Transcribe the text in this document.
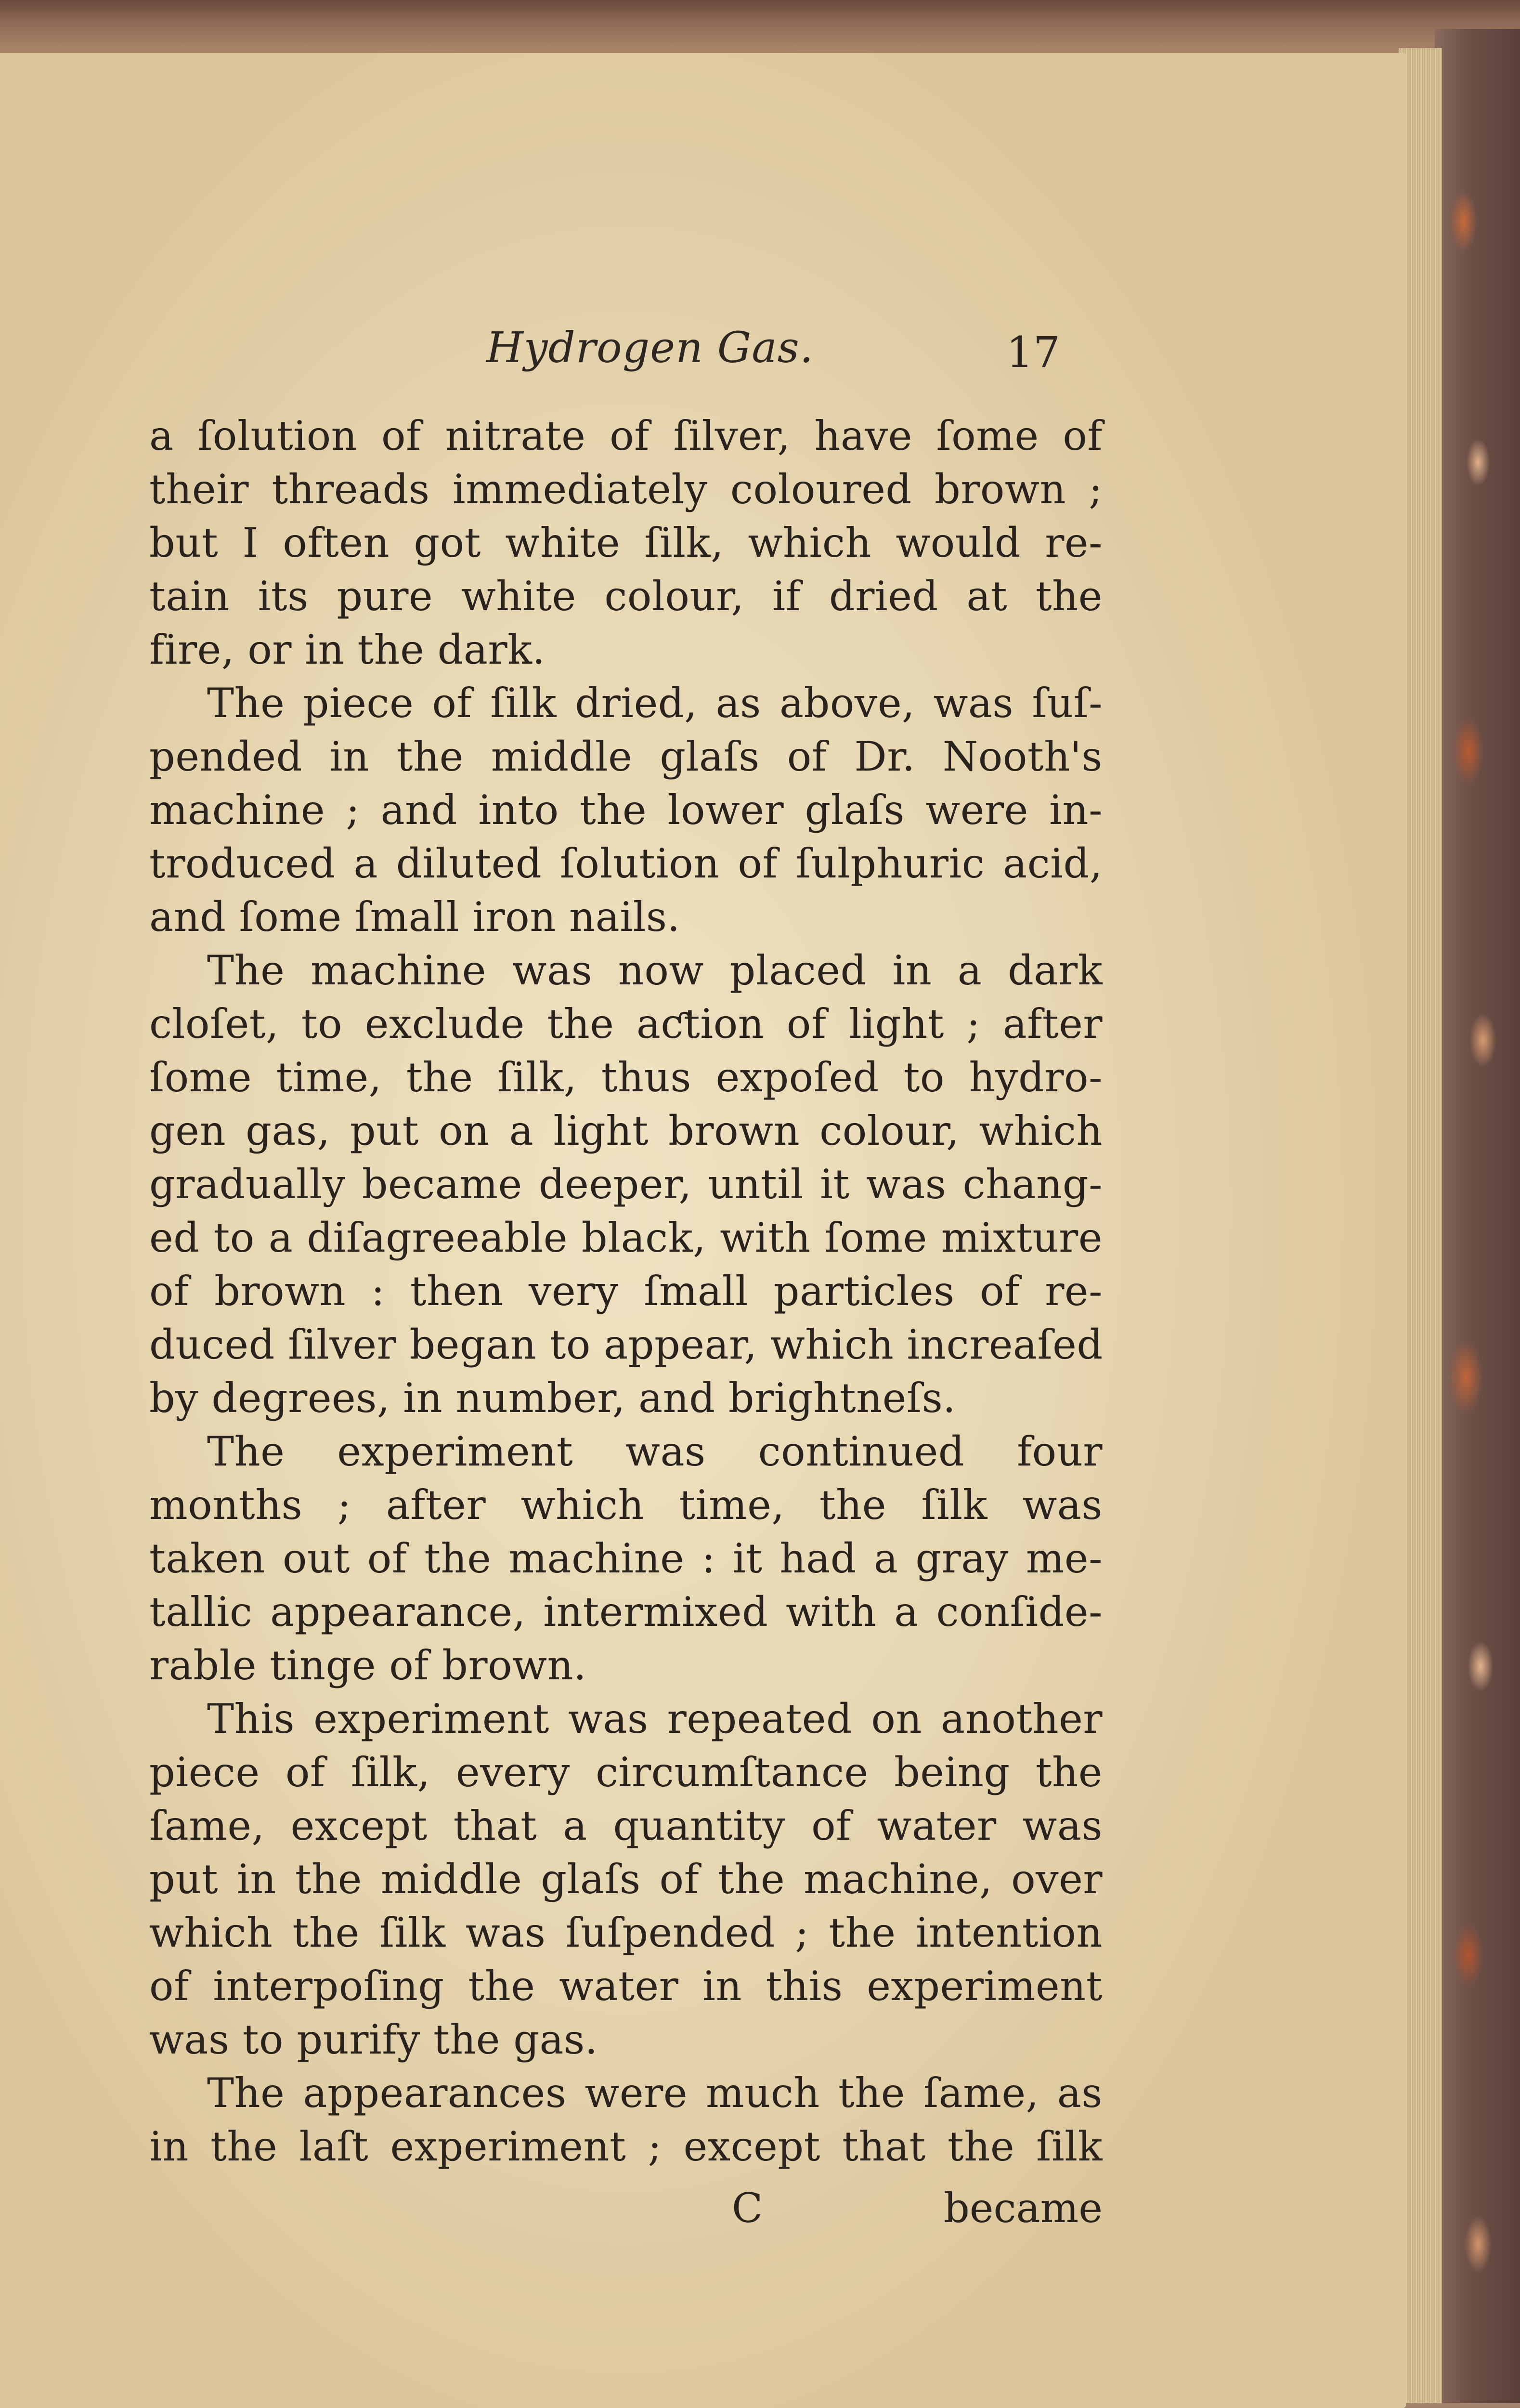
Hydrogen Gas.	17
a ſolution of nitrate of ſilver, have ſome of
their threads immediately coloured brown ;
but I often got white ſilk, which would re-
tain its pure white colour, if dried at the
fire, or in the dark.
The piece of ſilk dried, as above, was ſuſ-
pended in the middle glaſs of Dr. Nooth's
machine ; and into the lower glaſs were in-
troduced a diluted ſolution of ſulphuric acid,
and ſome ſmall iron nails.
The machine was now placed in a dark
cloſet, to exclude the aƈtion of light ; after
ſome time, the ſilk, thus expoſed to hydro-
gen gas, put on a light brown colour, which
gradually became deeper, until it was chang-
ed to a diſagreeable black, with ſome mixture
of brown : then very ſmall particles of re-
duced ſilver began to appear, which increaſed
by degrees, in number, and brightneſs.
The experiment was continued four
months ; after which time, the ſilk was
taken out of the machine : it had a gray me-
tallic appearance, intermixed with a conſide-
rable tinge of brown.
This experiment was repeated on another
piece of ſilk, every circumſtance being the
ſame, except that a quantity of water was
put in the middle glaſs of the machine, over
which the ſilk was ſuſpended ; the intention
of interpoſing the water in this experiment
was to purify the gas.
The appearances were much the ſame, as
in the laſt experiment ; except that the ſilk
C	became
